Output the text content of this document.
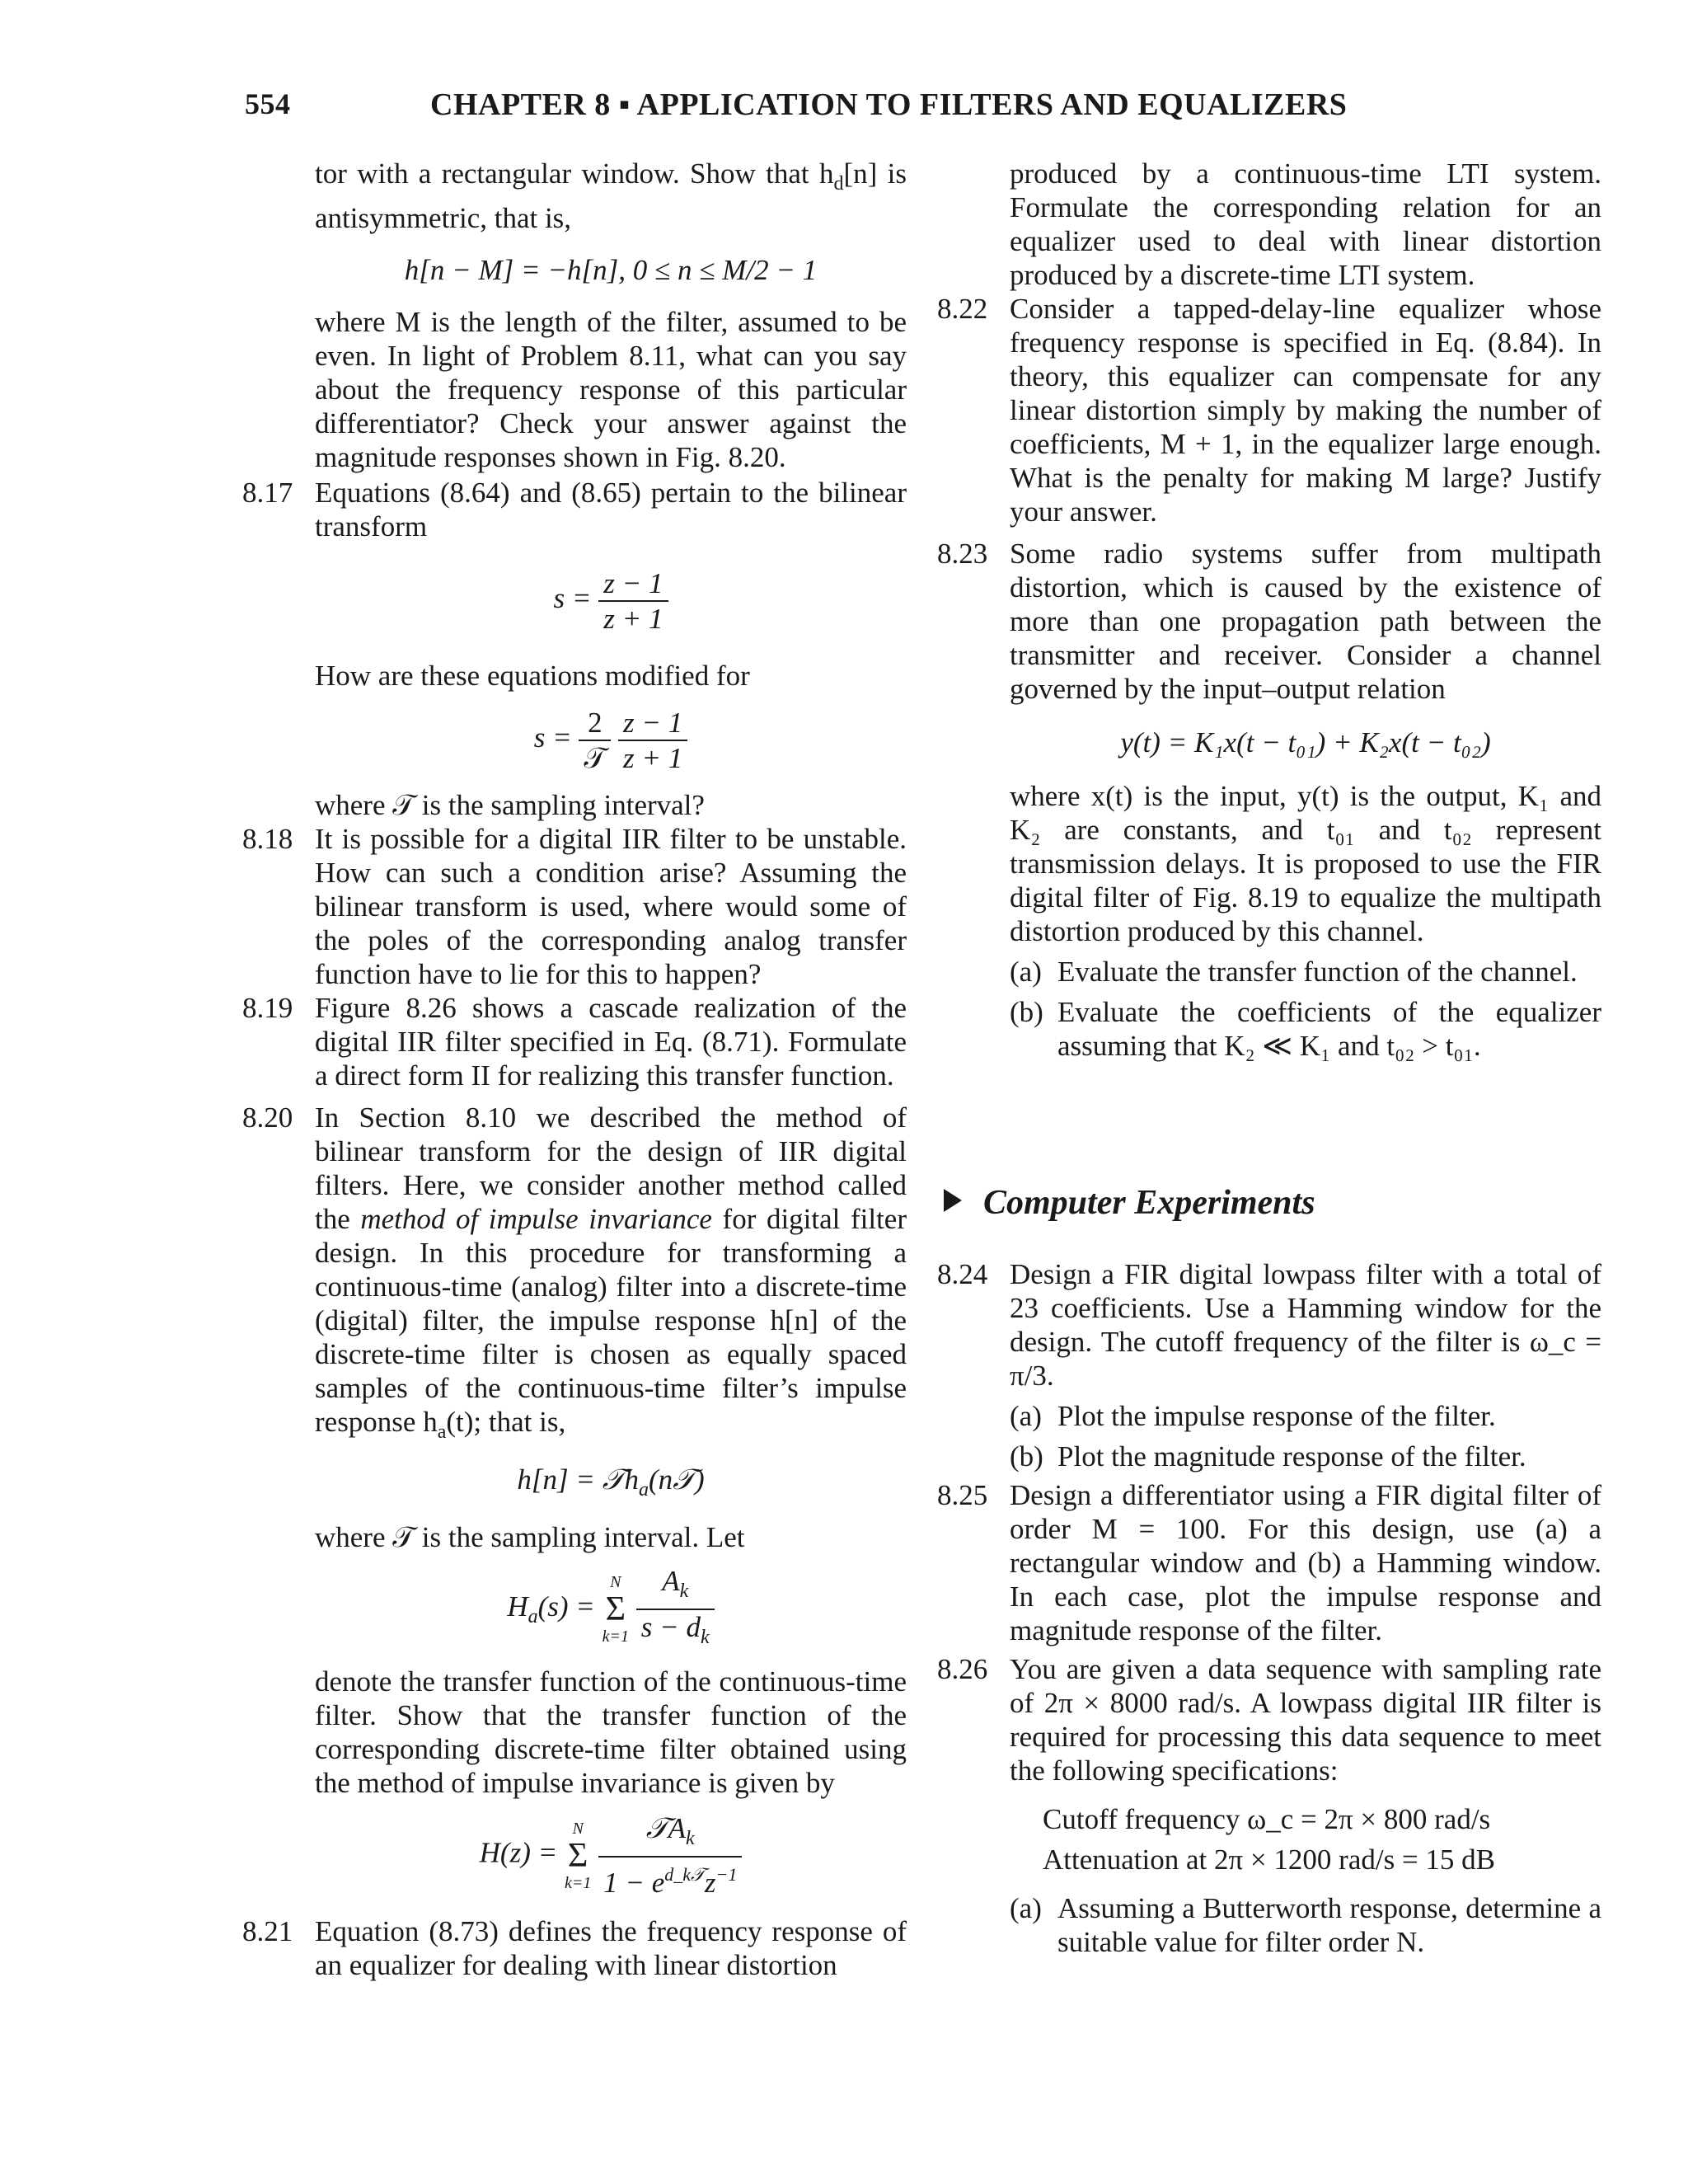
554	CHAPTER 8 ▪ APPLICATION TO FILTERS AND EQUALIZERS

tor with a rectangular window. Show that $h_d[n]$ is antisymmetric, that is,

h[n − M] = −h[n], 0 ≤ n ≤ M/2 − 1

where M is the length of the filter, assumed to be even. In light of Problem 8.11, what can you say about the frequency response of this particular differentiator? Check your answer against the magnitude responses shown in Fig. 8.20.

8.17 Equations (8.64) and (8.65) pertain to the bilinear transform

$s = \frac{z - 1}{z + 1}$

How are these equations modified for

$s = \frac{2}{\text{𝒯}}$
$\frac{z - 1}{z + 1}$

where 𝒯 is the sampling interval?

8.18 It is possible for a digital IIR filter to be unstable. How can such a condition arise? Assuming the bilinear transform is used, where would some of the poles of the corresponding analog transfer function have to lie for this to happen?

8.19 Figure 8.26 shows a cascade realization of the digital IIR filter specified in Eq. (8.71). Formulate a direct form II for realizing this transfer function.

8.20 In Section 8.10 we described the method of bilinear transform for the design of IIR digital filters. Here, we consider another method called the method of impulse invariance for digital filter design. In this procedure for transforming a continuous-time (analog) filter into a discrete-time (digital) filter, the impulse response h[n] of the discrete-time filter is chosen as equally spaced samples of the continuous-time filter’s impulse response $h_a(t)$; that is,

h[n] = 𝒯h$_a$(n𝒯)

where 𝒯 is the sampling interval. Let

$H_a(s)$ =
N
Σ
k=1
$\frac{A_k}{s - d_k}$

denote the transfer function of the continuous-time filter. Show that the transfer function of the corresponding discrete-time filter obtained using the method of impulse invariance is given by

H(z) =
N
Σ
k=1
$\frac{𝒯A_k}{1 - e^{d\_k𝒯}z^{-1}}$
8.21 Equation (8.73) defines the frequency response of an equalizer for dealing with linear distortion

produced by a continuous-time LTI system. Formulate the corresponding relation for an equalizer used to deal with linear distortion produced by a discrete-time LTI system.

8.22 Consider a tapped-delay-line equalizer whose frequency response is specified in Eq. (8.84). In theory, this equalizer can compensate for any linear distortion simply by making the number of coefficients, M + 1, in the equalizer large enough. What is the penalty for making M large? Justify your answer.

8.23 Some radio systems suffer from multipath distortion, which is caused by the existence of more than one propagation path between the transmitter and receiver. Consider a channel governed by the input–output relation

y(t) = K₁x(t − t₀₁) + K₂x(t − t₀₂)

where x(t) is the input, y(t) is the output, K₁ and K₂ are constants, and t₀₁ and t₀₂ represent transmission delays. It is proposed to use the FIR digital filter of Fig. 8.19 to equalize the multipath distortion produced by this channel.

(a) Evaluate the transfer function of the channel.
(b) Evaluate the coefficients of the equalizer assuming that K₂ ≪ K₁ and t₀₂ > t₀₁.
Computer Experiments
8.24 Design a FIR digital lowpass filter with a total of 23 coefficients. Use a Hamming window for the design. The cutoff frequency of the filter is ω_c = π/3.

(a) Plot the impulse response of the filter.
(b) Plot the magnitude response of the filter.
8.25 Design a differentiator using a FIR digital filter of order M = 100. For this design, use (a) a rectangular window and (b) a Hamming window. In each case, plot the impulse response and magnitude response of the filter.

8.26 You are given a data sequence with sampling rate of 2π × 8000 rad/s. A lowpass digital IIR filter is required for processing this data sequence to meet the following specifications:

Cutoff frequency ω_c = 2π × 800 rad/s
Attenuation at 2π × 1200 rad/s = 15 dB
(a) Assuming a Butterworth response, determine a suitable value for filter order N.
